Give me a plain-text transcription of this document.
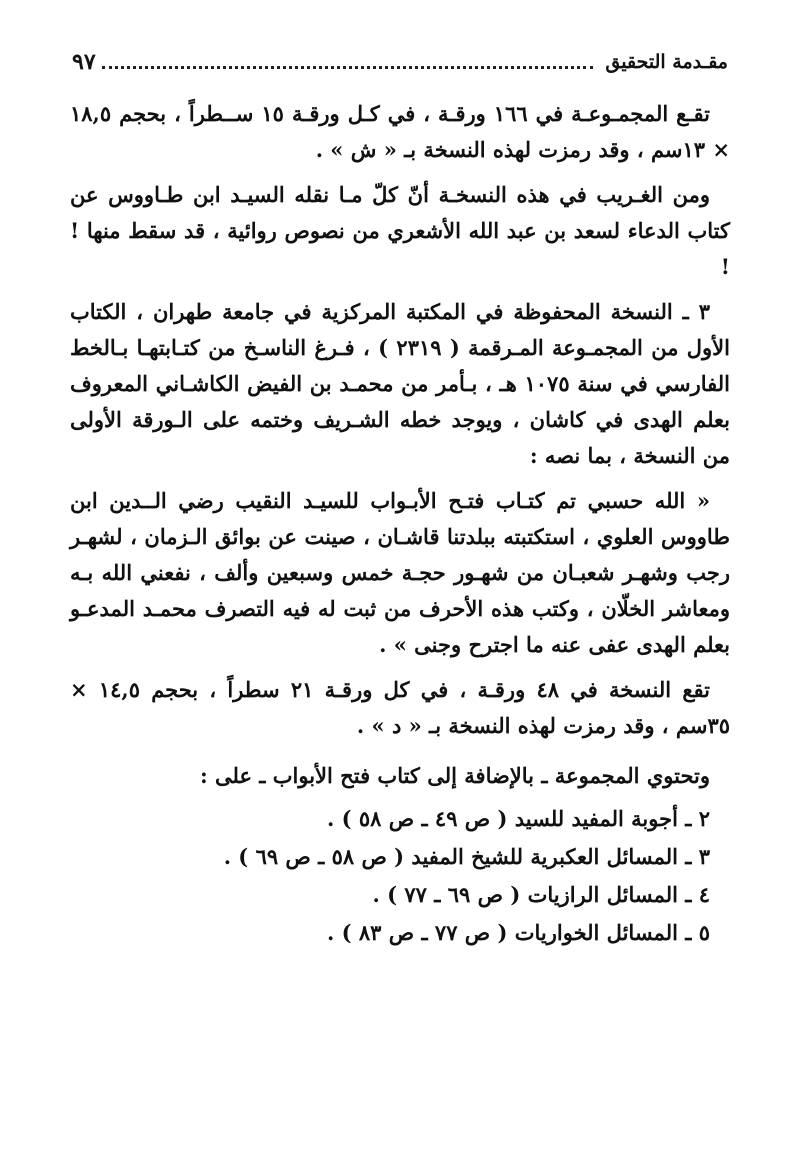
مقـدمة التحقيق
٩٧

تقـع المجمـوعـة في ١٦٦ ورقـة ، في كـل ورقـة ١٥ ســطراً ، بحجم ١٨,٥ × ١٣سم ، وقد رمزت لهذه النسخة بـ « ش » .

ومن الغـريب في هذه النسخـة أنّ كلّ مـا نقله السيـد ابن طـاووس عن كتاب الدعاء لسعد بن عبد الله الأشعري من نصوص روائية ، قد سقط منها ! !

٣ ـ النسخة المحفوظة في المكتبة المركزية في جامعة طهران ، الكتاب الأول من المجمـوعة المـرقمة ( ٢٣١٩ ) ، فـرغ الناسـخ من كتـابتهـا بـالخط الفارسي في سنة ١٠٧٥ هـ ، بـأمر من محمـد بن الفيض الكاشـاني المعروف بعلم الهدى في كاشان ، ويوجد خطه الشـريف وختمه على الـورقة الأولى من النسخة ، بما نصه :

« الله حسبي تم كتـاب فتـح الأبـواب للسيـد النقيب رضي الــدين ابن طاووس العلوي ، استكتبته ببلدتنا قاشـان ، صينت عن بوائق الـزمان ، لشهـر رجب وشهـر شعبـان من شهـور حجـة خمس وسبعين وألف ، نفعني الله بـه ومعاشر الخلّان ، وكتب هذه الأحرف من ثبت له فيه التصرف محمـد المدعـو بعلم الهدى عفى عنه ما اجترح وجنى » .

تقع النسخة في ٤٨ ورقـة ، في كل ورقـة ٢١ سطراً ، بحجم ١٤,٥ × ٣٥سم ، وقد رمزت لهذه النسخة بـ « د » .

وتحتوي المجموعة ـ بالإضافة إلى كتاب فتح الأبواب ـ على :

٢ ـ أجوبة المفيد للسيد ( ص ٤٩ ـ ص ٥٨ ) .
٣ ـ المسائل العكبرية للشيخ المفيد ( ص ٥٨ ـ ص ٦٩ ) .
٤ ـ المسائل الرازيات ( ص ٦٩ ـ ٧٧ ) .
٥ ـ المسائل الخواريات ( ص ٧٧ ـ ص ٨٣ ) .
